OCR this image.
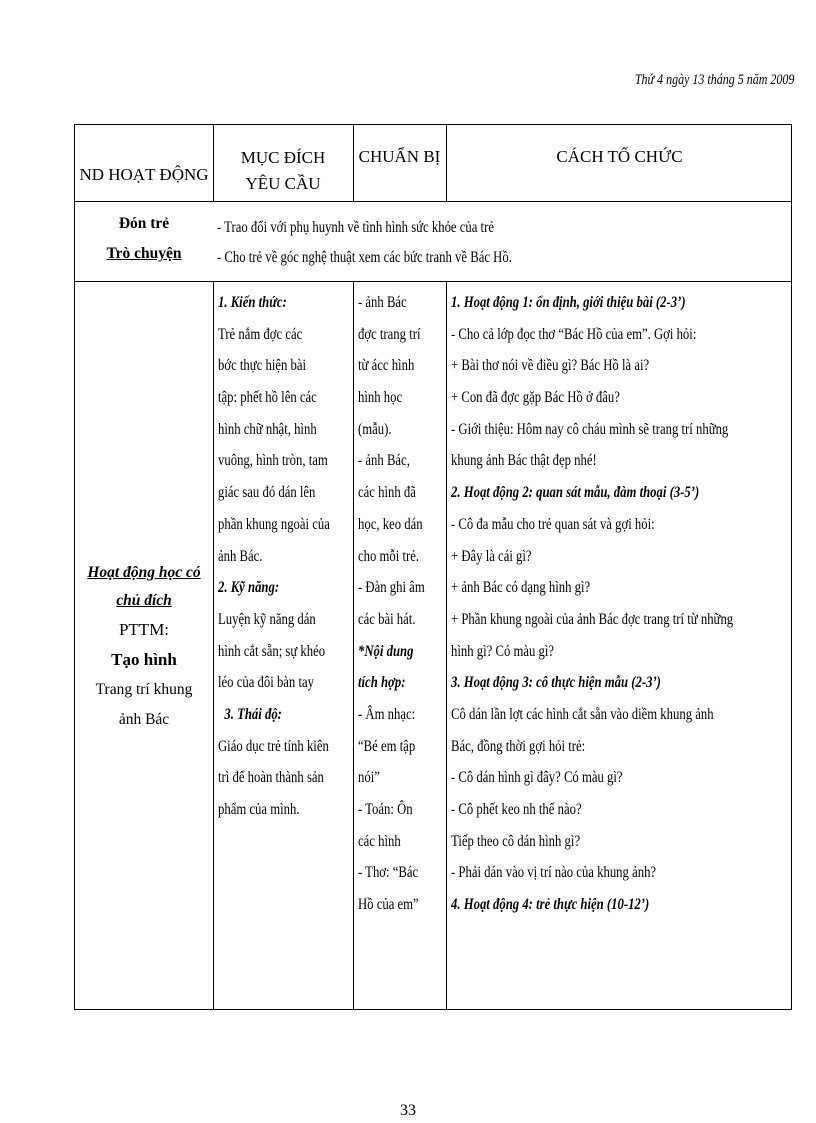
Thứ 4 ngày 13 tháng 5 năm 2009
ND HOẠT ĐỘNG
MỤC ĐÍCH
YÊU CẦU
CHUẨN BỊ	CÁCH TỔ CHỨC
Đón trẻ
Trò chuyện
- Trao đổi với phụ huynh về tình hình sức khỏe của trẻ
- Cho trẻ về góc nghệ thuật xem các bức tranh về Bác Hồ.
Hoạt động học có
chủ đích
PTTM:
Tạo hình
Trang trí khung
ảnh Bác
1. Kiến thức:
Trẻ nắm đợc các
bớc thực hiện bài
tập: phết hồ lên các
hình chữ nhật, hình
vuông, hình tròn, tam
giác sau đó dán lên
phần khung ngoài của
ảnh Bác.
2. Kỹ năng:
Luyện kỹ năng dán
hình cắt sẵn; sự khéo
léo của đôi bàn tay
3. Thái độ:
Giáo dục trẻ tính kiên
trì để hoàn thành sản
phẩm của mình.
- ảnh Bác
đợc trang trí
từ ácc hình
hình học
(mẫu).
- ảnh Bác,
các hình đã
học, keo dán
cho mỗi trẻ.
- Đàn ghi âm
các bài hát.
*Nội dung
tích hợp:
- Âm nhạc:
“Bé em tập
nói”
- Toán: Ôn
các hình
- Thơ: “Bác
Hồ của em”
1. Hoạt động 1: ổn định, giới thiệu bài (2-3’)
- Cho cả lớp đọc thơ “Bác Hồ của em”. Gợi hỏi:
+ Bài thơ nói về điều gì? Bác Hồ là ai?
+ Con đã đợc gặp Bác Hồ ở đâu?
- Giới thiệu: Hôm nay cô cháu mình sẽ trang trí những
khung ảnh Bác thật đẹp nhé!
2. Hoạt động 2: quan sát mẫu, đàm thoại (3-5’)
- Cô đa mẫu cho trẻ quan sát và gợi hỏi:
+ Đây là cái gì?
+ ảnh Bác có dạng hình gì?
+ Phần khung ngoài của ảnh Bác đợc trang trí từ những
hình gì? Có màu gì?
3. Hoạt động 3: cô thực hiện mẫu (2-3’)
Cô dán lần lợt các hình cắt sẵn vào diềm khung ảnh
Bác, đồng thời gợi hỏi trẻ:
- Cô dán hình gì đây? Có màu gì?
- Cô phết keo nh thế nào?
Tiếp theo cô dán hình gì?
- Phải dán vào vị trí nào của khung ảnh?
4. Hoạt động 4: trẻ thực hiện (10-12’)
33
